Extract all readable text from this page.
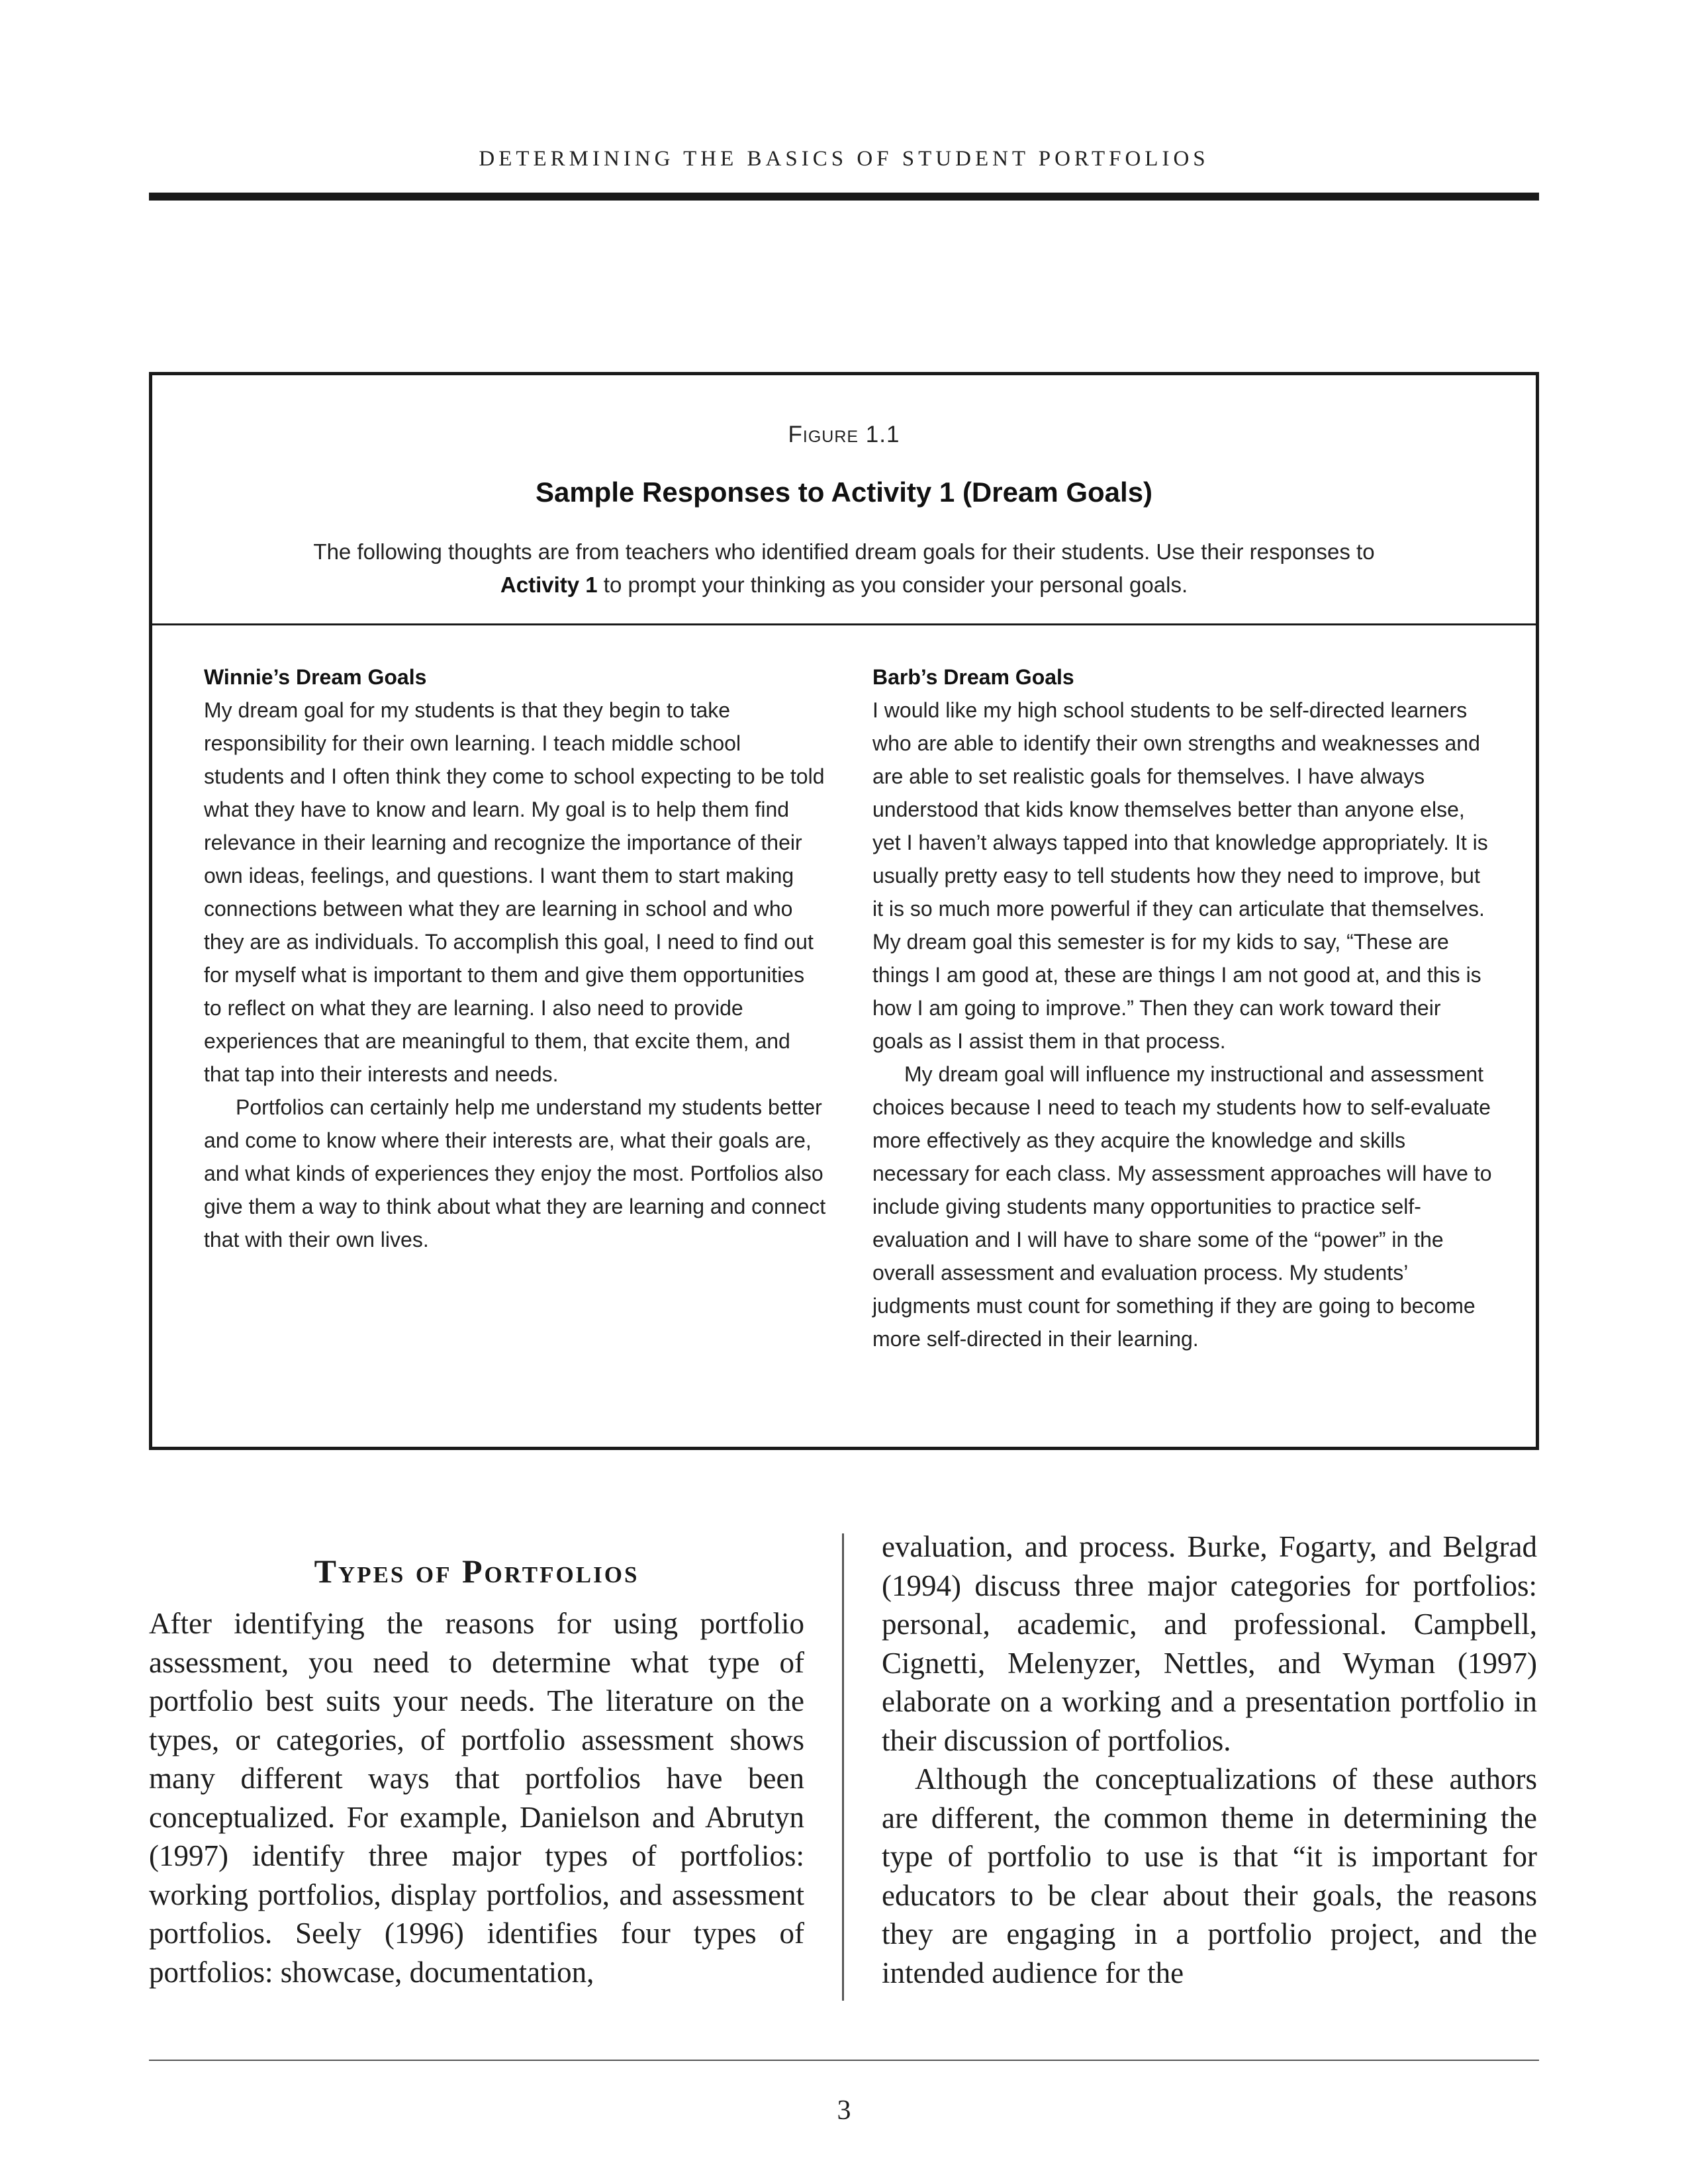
DETERMINING THE BASICS OF STUDENT PORTFOLIOS
Figure 1.1
Sample Responses to Activity 1 (Dream Goals)
The following thoughts are from teachers who identified dream goals for their students. Use their responses to Activity 1 to prompt your thinking as you consider your personal goals.
Winnie’s Dream Goals

My dream goal for my students is that they begin to take responsibility for their own learning. I teach middle school students and I often think they come to school expecting to be told what they have to know and learn. My goal is to help them find relevance in their learning and recognize the importance of their own ideas, feelings, and questions. I want them to start making connections between what they are learning in school and who they are as individuals. To accomplish this goal, I need to find out for myself what is important to them and give them opportunities to reflect on what they are learning. I also need to provide experiences that are meaningful to them, that excite them, and that tap into their interests and needs.

Portfolios can certainly help me understand my students better and come to know where their interests are, what their goals are, and what kinds of experiences they enjoy the most. Portfolios also give them a way to think about what they are learning and connect that with their own lives.

Barb’s Dream Goals

I would like my high school students to be self-directed learners who are able to identify their own strengths and weaknesses and are able to set realistic goals for themselves. I have always understood that kids know themselves better than anyone else, yet I haven’t always tapped into that knowledge appropriately. It is usually pretty easy to tell students how they need to improve, but it is so much more powerful if they can articulate that themselves. My dream goal this semester is for my kids to say, “These are things I am good at, these are things I am not good at, and this is how I am going to improve.” Then they can work toward their goals as I assist them in that process.

My dream goal will influence my instructional and assessment choices because I need to teach my students how to self-evaluate more effectively as they acquire the knowledge and skills necessary for each class. My assessment approaches will have to include giving students many opportunities to practice self-evaluation and I will have to share some of the “power” in the overall assessment and evaluation process. My students’ judgments must count for something if they are going to become more self-directed in their learning.

Types of Portfolios

After identifying the reasons for using portfolio assessment, you need to determine what type of portfolio best suits your needs. The literature on the types, or categories, of portfolio assessment shows many different ways that portfolios have been conceptualized. For example, Danielson and Abrutyn (1997) identify three major types of portfolios: working portfolios, display portfolios, and assessment portfolios. Seely (1996) identifies four types of portfolios: showcase, documentation,

evaluation, and process. Burke, Fogarty, and Belgrad (1994) discuss three major categories for portfolios: personal, academic, and professional. Campbell, Cignetti, Melenyzer, Nettles, and Wyman (1997) elaborate on a working and a presentation portfolio in their discussion of portfolios.

Although the conceptualizations of these authors are different, the common theme in determining the type of portfolio to use is that “it is important for educators to be clear about their goals, the reasons they are engaging in a portfolio project, and the intended audience for the

3
